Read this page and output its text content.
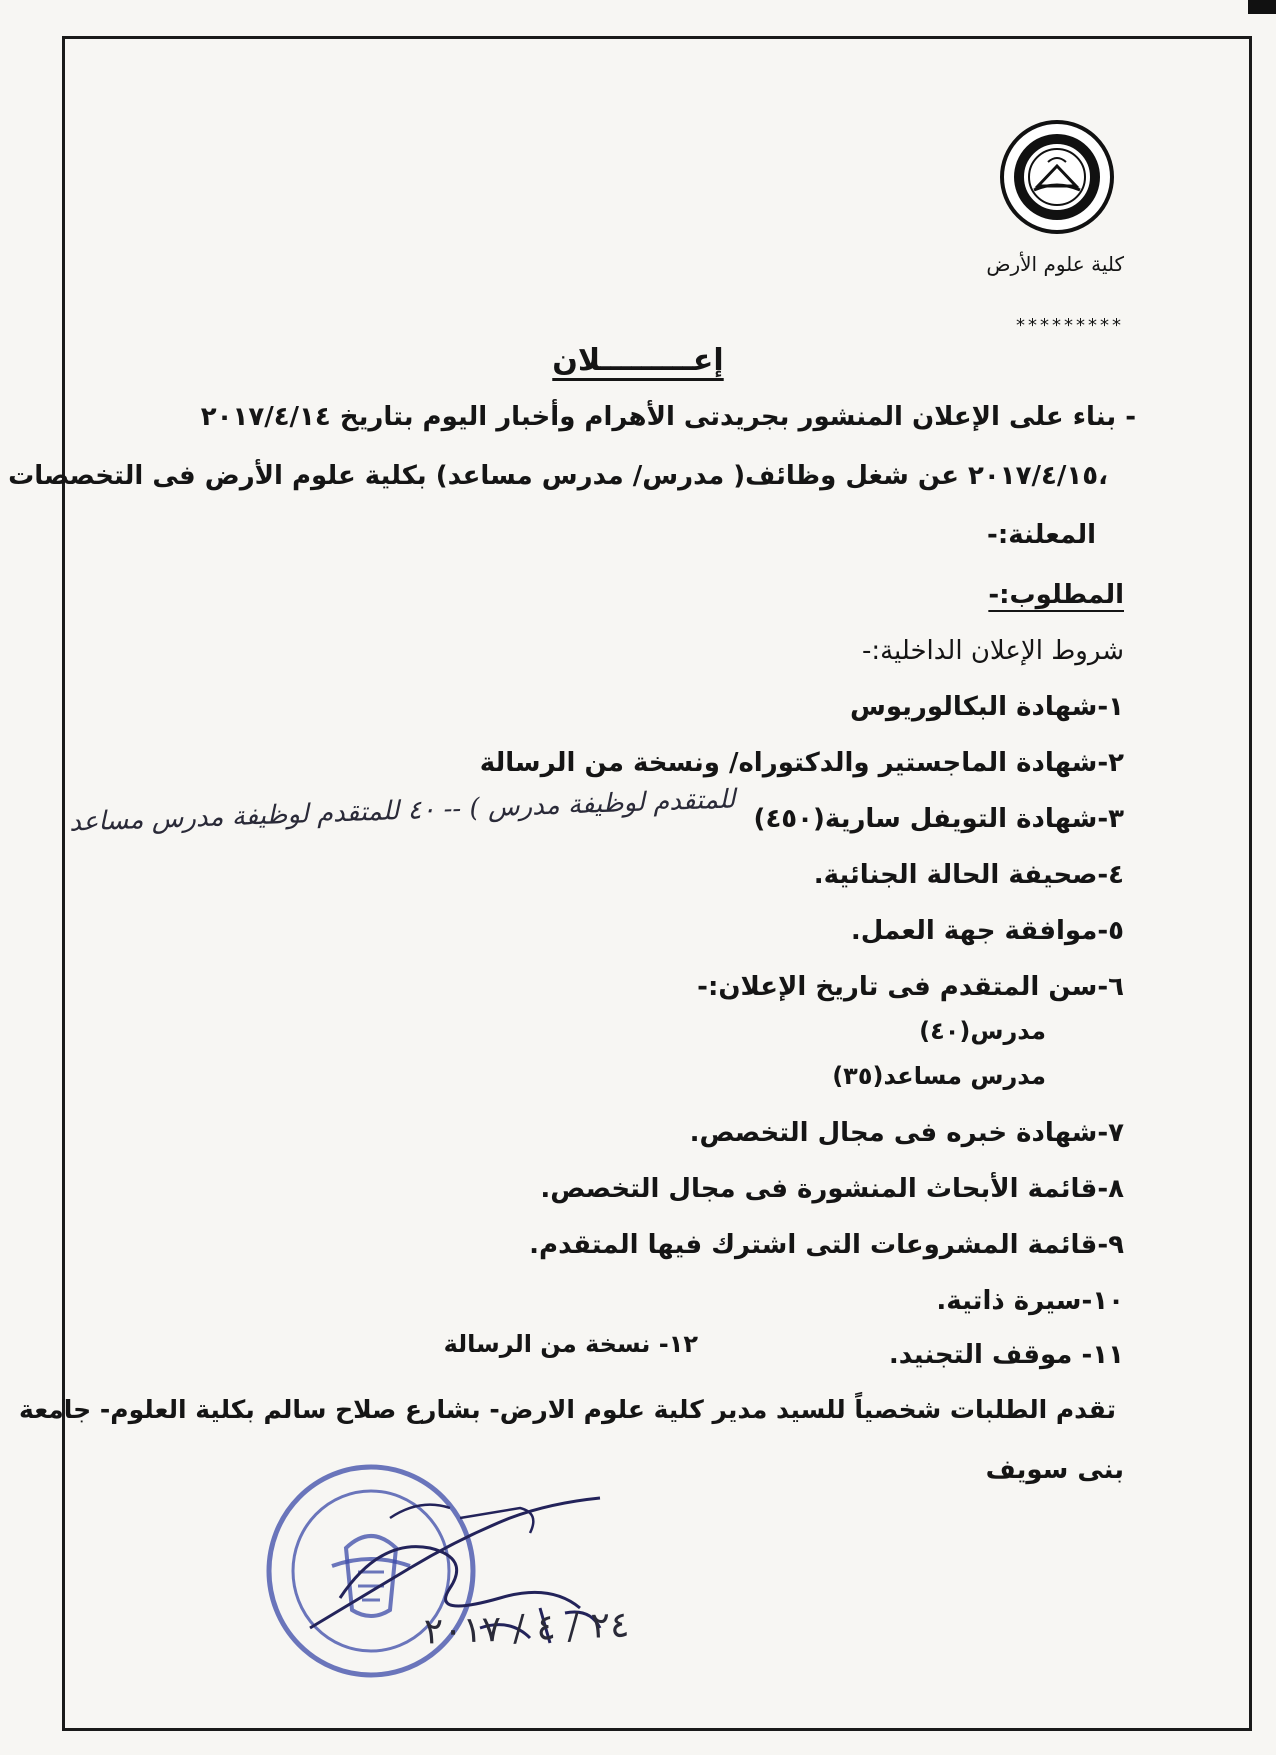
كلية علوم الأرض
*********
إعـــــــــلان
- بناء على الإعلان المنشور بجريدتى الأهرام وأخبار اليوم بتاريخ ٢٠١٧/٤/١٤
،٢٠١٧/٤/١٥ عن شغل وظائف( مدرس/ مدرس مساعد) بكلية علوم الأرض فى التخصصات
المعلنة:-
المطلوب:-
شروط الإعلان الداخلية:-
١-شهادة البكالوريوس
٢-شهادة الماجستير والدكتوراه/ ونسخة من الرسالة
٣-شهادة التويفل سارية(٤٥٠)
للمتقدم لوظيفة مدرس ) -- ٤٠ للمتقدم لوظيفة مدرس مساعد
٤-صحيفة الحالة الجنائية.
٥-موافقة جهة العمل.
٦-سن المتقدم فى تاريخ الإعلان:-
مدرس(٤٠)
مدرس مساعد(٣٥)
٧-شهادة خبره فى مجال التخصص.
٨-قائمة الأبحاث المنشورة فى مجال التخصص.
٩-قائمة المشروعات التى اشترك فيها المتقدم.
١٠-سيرة ذاتية.
١١- موقف التجنيد.
١٢- نسخة من الرسالة
تقدم الطلبات شخصياً للسيد مدير كلية علوم الارض- بشارع صلاح سالم بكلية العلوم- جامعة
بنى سويف
٢٤ / ٤ / ٢٠١٧
